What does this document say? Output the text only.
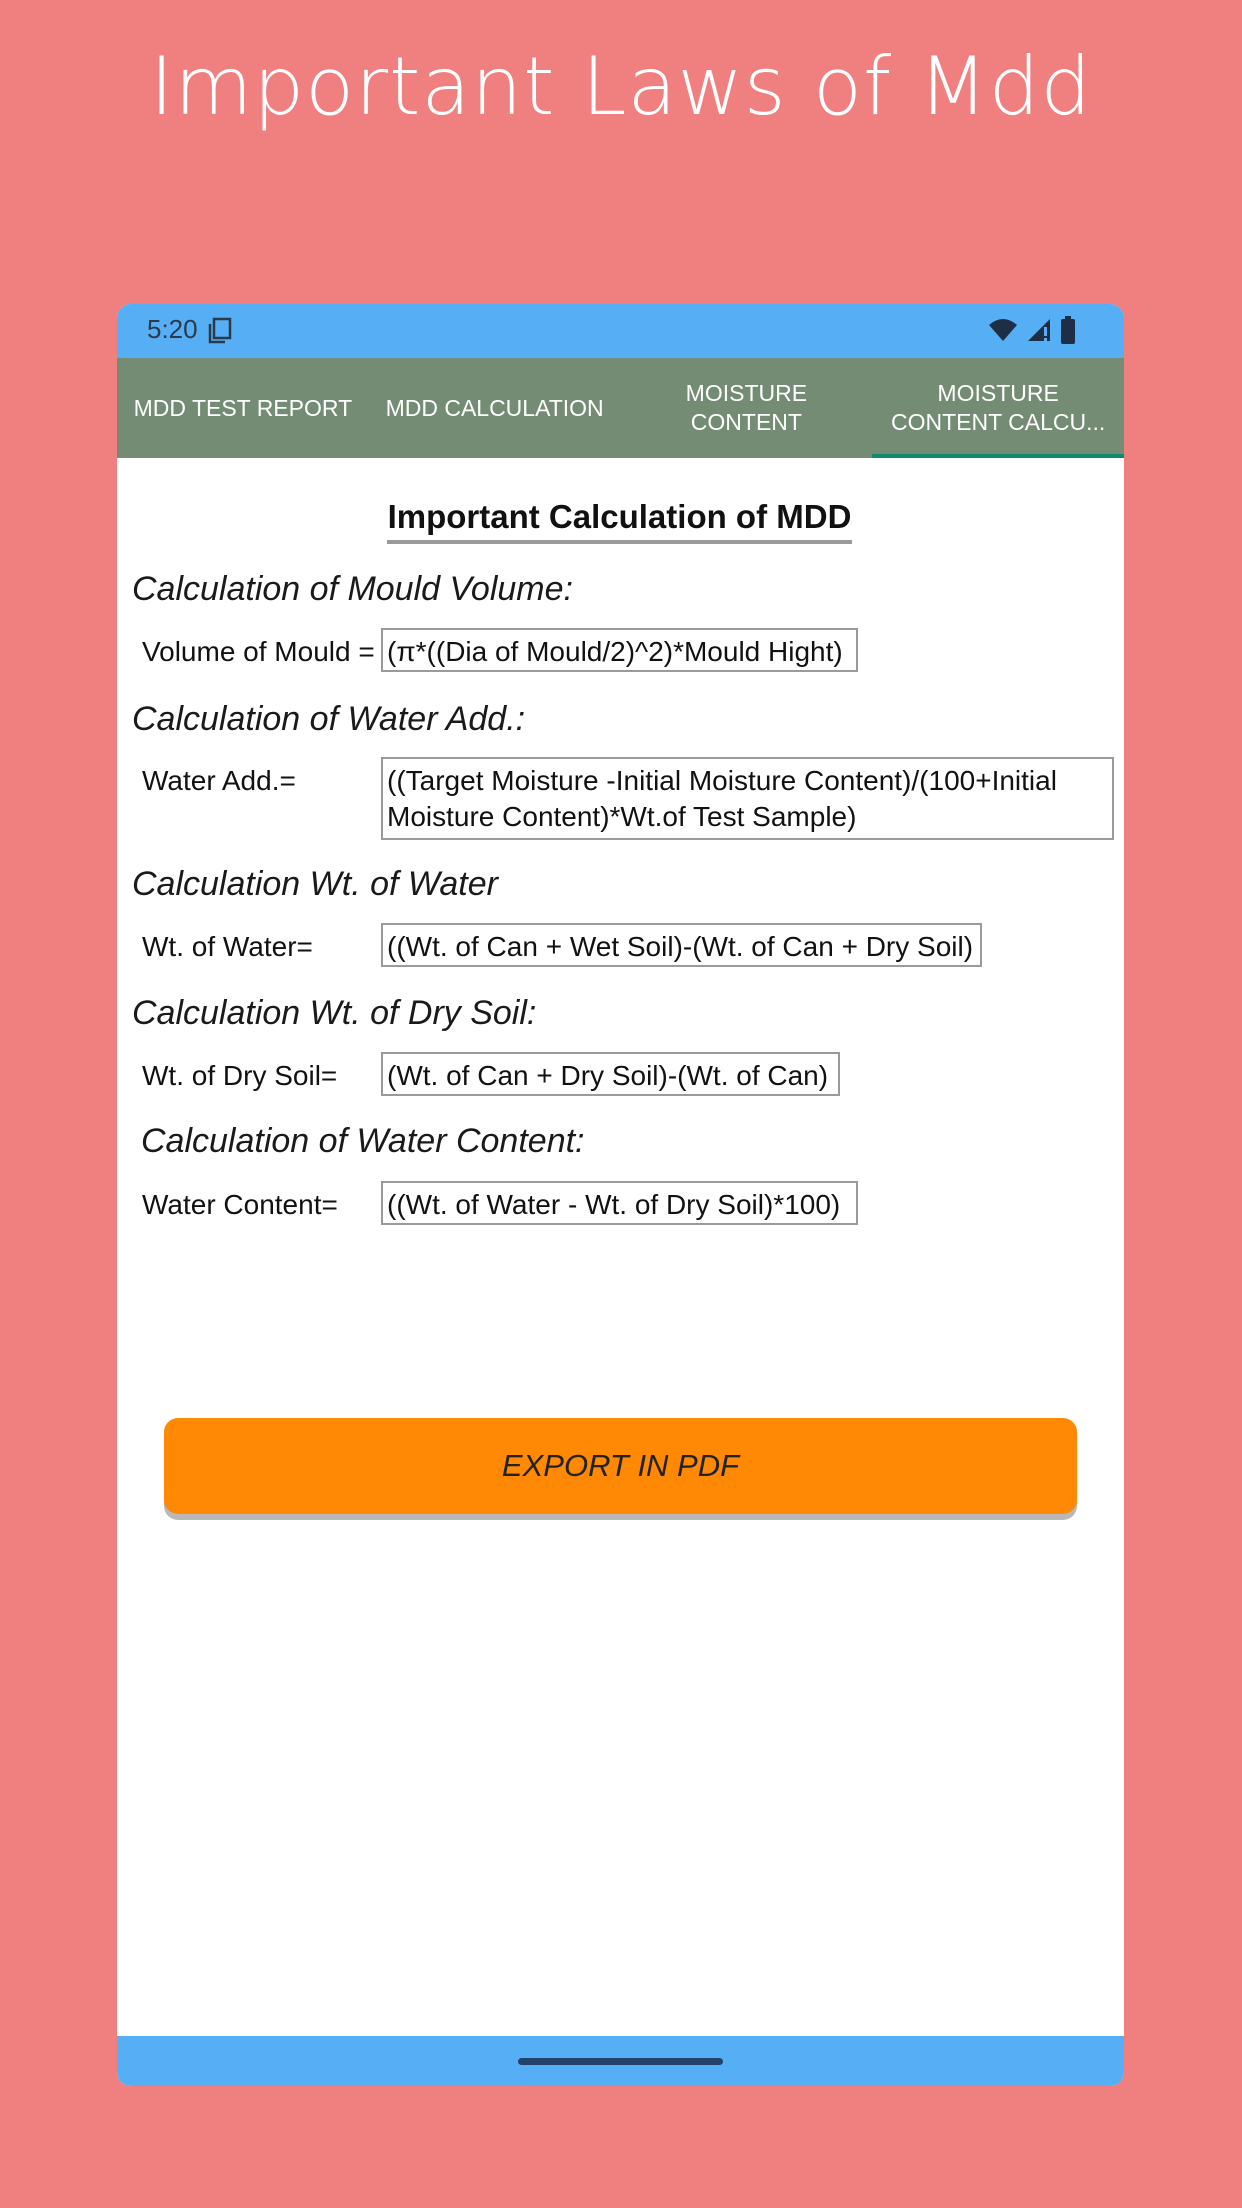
Important Laws of Mdd
5:20
MDD TEST REPORT	MDD CALCULATION
MOISTURE CONTENT
MOISTURE CONTENT CALCU...
Important Calculation of MDD
Calculation of Mould Volume:
Volume of Mould = (π*((Dia of Mould/2)^2)*Mould Hight)
Calculation of Water Add.:
Water Add.=	((Target Moisture -Initial Moisture Content)/(100+Initial Moisture Content)*Wt.of Test Sample)
Calculation Wt. of Water
Wt. of Water=	((Wt. of Can + Wet Soil)-(Wt. of Can + Dry Soil)
Calculation Wt. of Dry Soil:
Wt. of Dry Soil= (Wt. of Can + Dry Soil)-(Wt. of Can)
Calculation of Water Content:
Water Content= ((Wt. of Water - Wt. of Dry Soil)*100)
EXPORT IN PDF
